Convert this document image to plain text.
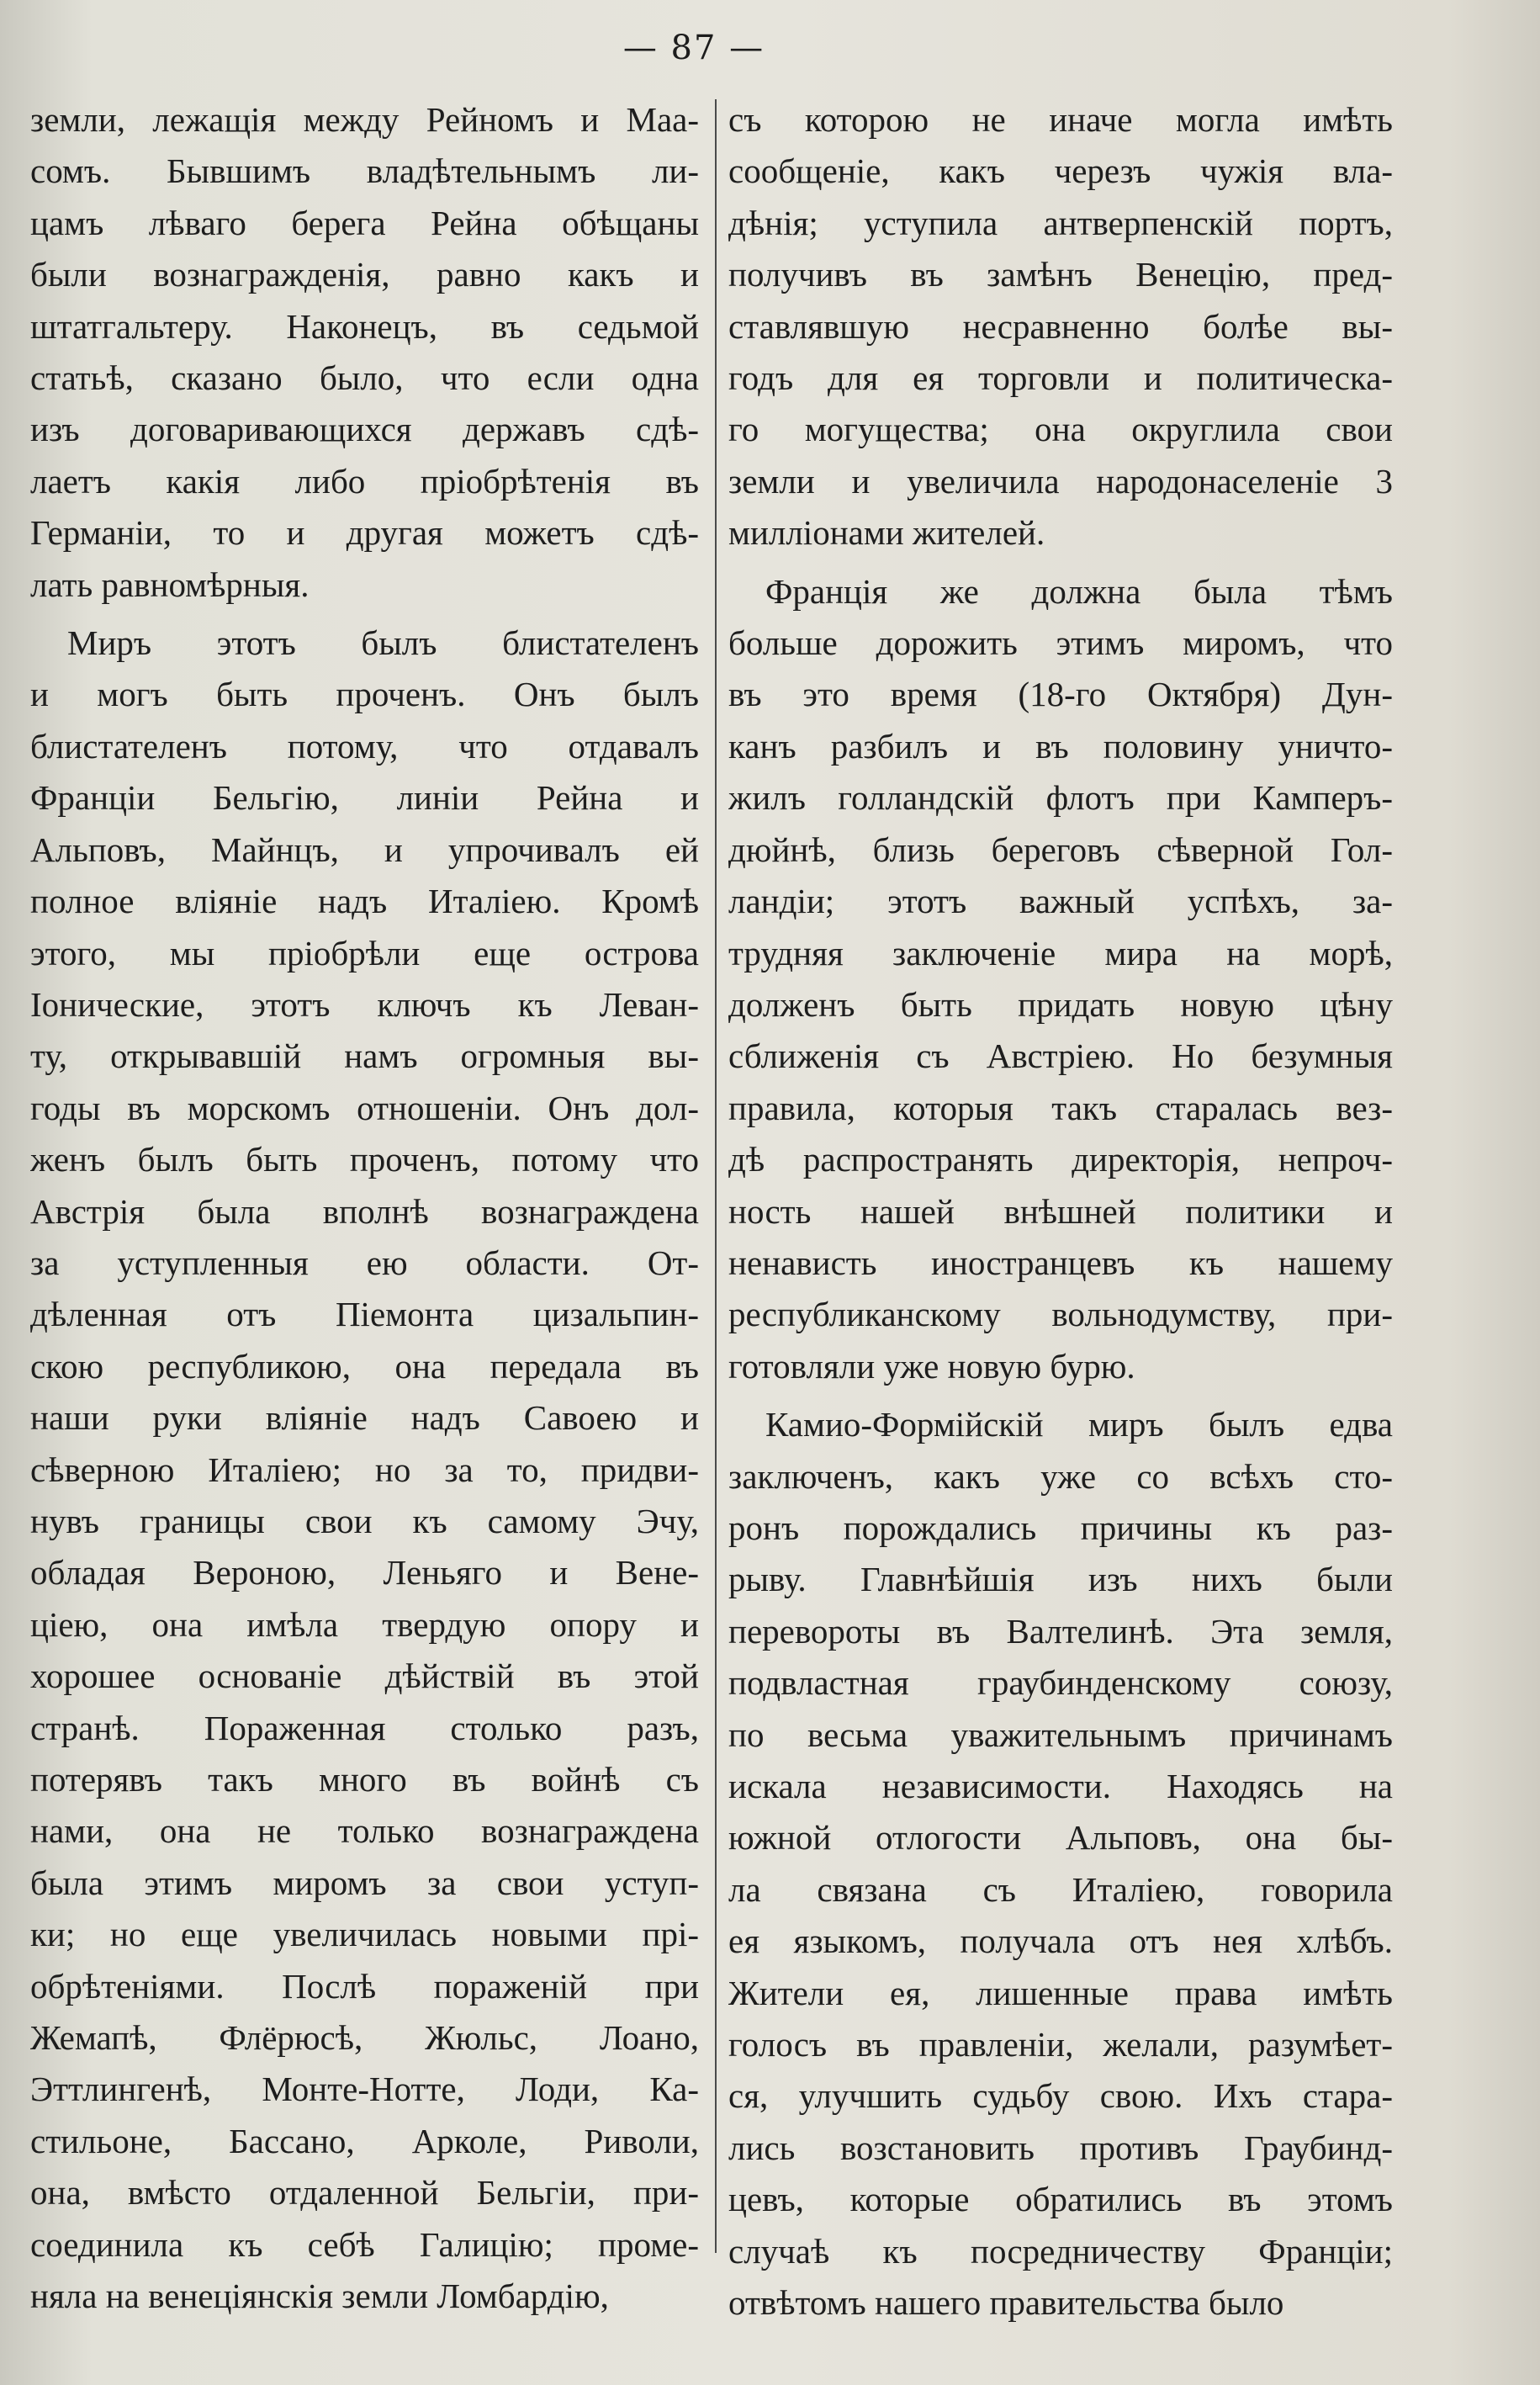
— 87 —
земли, лежащія между Рейномъ и Маа-
сомъ. Бывшимъ владѣтельнымъ ли-
цамъ лѣваго берега Рейна обѣщаны
были вознагражденія, равно какъ и
штатгальтеру. Наконецъ, въ седьмой
статьѣ, сказано было, что если одна
изъ договаривающихся державъ сдѣ-
лаетъ какія либо пріобрѣтенія въ
Германіи, то и другая можетъ сдѣ-
лать равномѣрныя.
Миръ этотъ былъ блистателенъ
и могъ быть проченъ. Онъ былъ
блистателенъ потому, что отдавалъ
Франціи Бельгію, линіи Рейна и
Альповъ, Майнцъ, и упрочивалъ ей
полное вліяніе надъ Италіею. Кромѣ
этого, мы пріобрѣли еще острова
Іонические, этотъ ключъ къ Леван-
ту, открывавшій намъ огромныя вы-
годы въ морскомъ отношеніи. Онъ дол-
женъ былъ быть проченъ, потому что
Австрія была вполнѣ вознаграждена
за уступленныя ею области. От-
дѣленная отъ Піемонта цизальпин-
скою республикою, она передала въ
наши руки вліяніе надъ Савоею и
сѣверною Италіею; но за то, придви-
нувъ границы свои къ самому Эчу,
обладая Вероною, Леньяго и Вене-
ціею, она имѣла твердую опору и
хорошее основаніе дѣйствій въ этой
странѣ. Пораженная столько разъ,
потерявъ такъ много въ войнѣ съ
нами, она не только вознаграждена
была этимъ миромъ за свои уступ-
ки; но еще увеличилась новыми прі-
обрѣтеніями. Послѣ пораженій при
Жемапѣ, Флёрюсѣ, Жюльс, Лоано,
Эттлингенѣ, Монте-Нотте, Лоди, Ка-
стильоне, Бассано, Арколе, Риволи,
она, вмѣсто отдаленной Бельгіи, при-
соединила къ себѣ Галицію; проме-
няла на венеціянскія земли Ломбардію,
съ которою не иначе могла имѣть
сообщеніе, какъ черезъ чужія вла-
дѣнія; уступила антверпенскій портъ,
получивъ въ замѣнъ Венецію, пред-
ставлявшую несравненно болѣе вы-
годъ для ея торговли и политическа-
го могущества; она округлила свои
земли и увеличила народонаселеніе 3
милліонами жителей.
Франція же должна была тѣмъ
больше дорожить этимъ миромъ, что
въ это время (18-го Октября) Дун-
канъ разбилъ и въ половину уничто-
жилъ голландскій флотъ при Камперъ-
дюйнѣ, близь береговъ сѣверной Гол-
ландіи; этотъ важный успѣхъ, за-
трудняя заключеніе мира на морѣ,
долженъ быть придать новую цѣну
сближенія съ Австріею. Но безумныя
правила, которыя такъ старалась вез-
дѣ распространять директорія, непроч-
ность нашей внѣшней политики и
ненависть иностранцевъ къ нашему
республиканскому вольнодумству, при-
готовляли уже новую бурю.
Камио-Формійскій миръ былъ едва
заключенъ, какъ уже со всѣхъ сто-
ронъ порождались причины къ раз-
рыву. Главнѣйшія изъ нихъ были
перевороты въ Валтелинѣ. Эта земля,
подвластная граубинденскому союзу,
по весьма уважительнымъ причинамъ
искала независимости. Находясь на
южной отлогости Альповъ, она бы-
ла связана съ Италіею, говорила
ея языкомъ, получала отъ нея хлѣбъ.
Жители ея, лишенные права имѣть
голосъ въ правленіи, желали, разумѣет-
ся, улучшить судьбу свою. Ихъ стара-
лись возстановить противъ Граубинд-
цевъ, которые обратились въ этомъ
случаѣ къ посредничеству Франціи;
отвѣтомъ нашего правительства было
